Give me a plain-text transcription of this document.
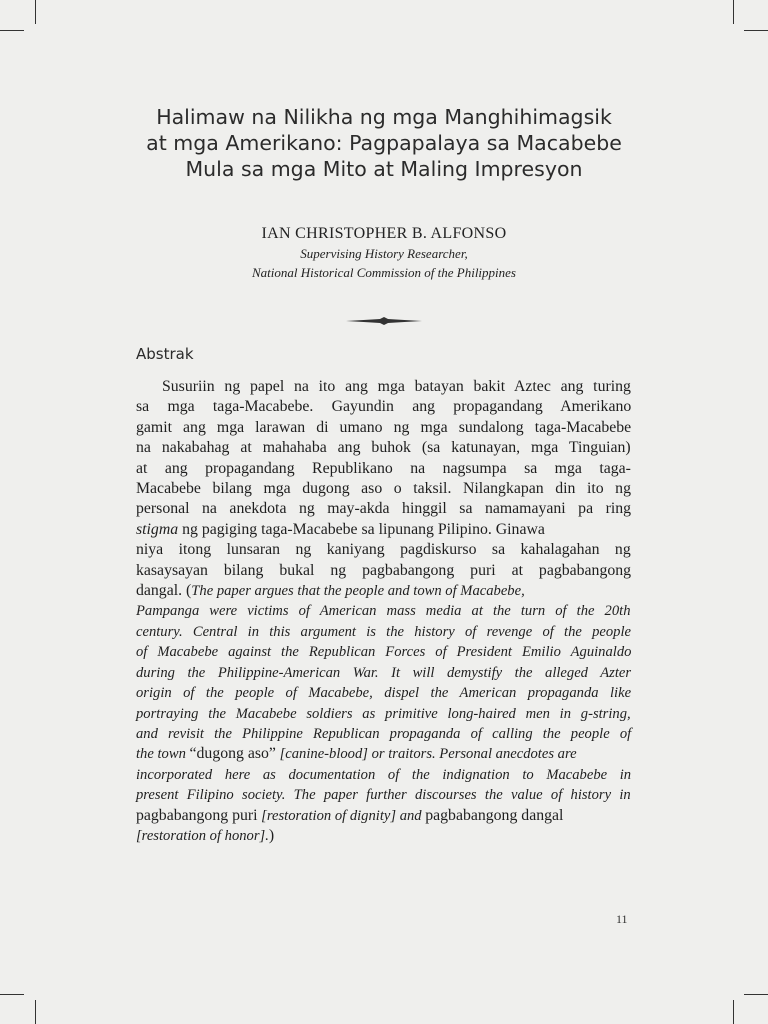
Halimaw na Nilikha ng mga Manghihimagsik
at mga Amerikano: Pagpapalaya sa Macabebe
Mula sa mga Mito at Maling Impresyon
IAN CHRISTOPHER B. ALFONSO
Supervising History Researcher,
National Historical Commission of the Philippines
Abstrak
Susuriin ng papel na ito ang mga batayan bakit Aztec ang turing
sa mga taga-Macabebe. Gayundin ang propagandang Amerikano
gamit ang mga larawan di umano ng mga sundalong taga-Macabebe
na nakabahag at mahahaba ang buhok (sa katunayan, mga Tinguian)
at ang propagandang Republikano na nagsumpa sa mga taga-
Macabebe bilang mga dugong aso o taksil. Nilangkapan din ito ng
personal na anekdota ng may-akda hinggil sa namamayani pa ring
stigma ng pagiging taga-Macabebe sa lipunang Pilipino. Ginawa
niya itong lunsaran ng kaniyang pagdiskurso sa kahalagahan ng
kasaysayan bilang bukal ng pagbabangong puri at pagbabangong
dangal. ( The paper argues that the people and town of Macabebe,
Pampanga were victims of American mass media at the turn of the 20th
century. Central in this argument is the history of revenge of the people
of Macabebe against the Republican Forces of President Emilio Aguinaldo
during the Philippine-American War. It will demystify the alleged Azter
origin of the people of Macabebe, dispel the American propaganda like
portraying the Macabebe soldiers as primitive long-haired men in g-string,
and revisit the Philippine Republican propaganda of calling the people of
the town “dugong aso” [canine-blood] or traitors. Personal anecdotes are
incorporated here as documentation of the indignation to Macabebe in
present Filipino society. The paper further discourses the value of history in
pagbabangong puri [restoration of dignity] and pagbabangong dangal
[restoration of honor]. )
11
